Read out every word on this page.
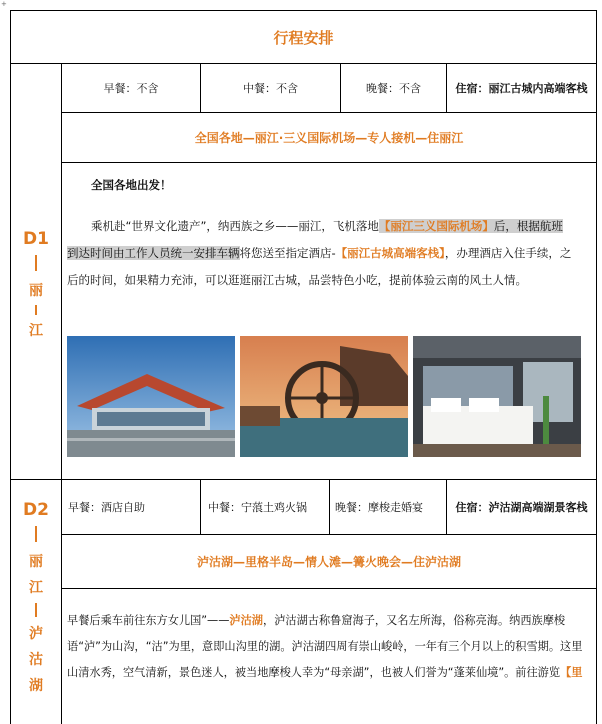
+
行程安排
D1
丽
江
早餐：不含	中餐：不含	晚餐：不含	住宿：丽江古城内高端客栈
全国各地—丽江·三义国际机场—专人接机—住丽江
全国各地出发！
乘机赴“世界文化遗产”，纳西族之乡——丽江，飞机落地【丽江三义国际机场】后，根据航班
到达时间由工作人员统一安排车辆将您送至指定酒店-【丽江古城高端客栈】，办理酒店入住手续，之
后的时间，如果精力充沛，可以逛逛丽江古城，品尝特色小吃，提前体验云南的风土人情。
D2
丽
江
泸
沽
湖
早餐：酒店自助	中餐：宁蒗土鸡火锅	晚餐：摩梭走婚宴	住宿：泸沽湖高端湖景客栈
泸沽湖—里格半岛—情人滩—篝火晚会—住泸沽湖
早餐后乘车前往东方女儿国”——泸沽湖，泸沽湖古称鲁窟海子，又名左所海，俗称亮海。纳西族摩梭语“泸”为山沟，“沽”为里，意即山沟里的湖。泸沽湖四周有崇山峻岭，一年有三个月以上的积雪期。这里山清水秀，空气清新，景色迷人，被当地摩梭人幸为“母亲湖”，也被人们誉为“蓬莱仙境”。前往游览【里
